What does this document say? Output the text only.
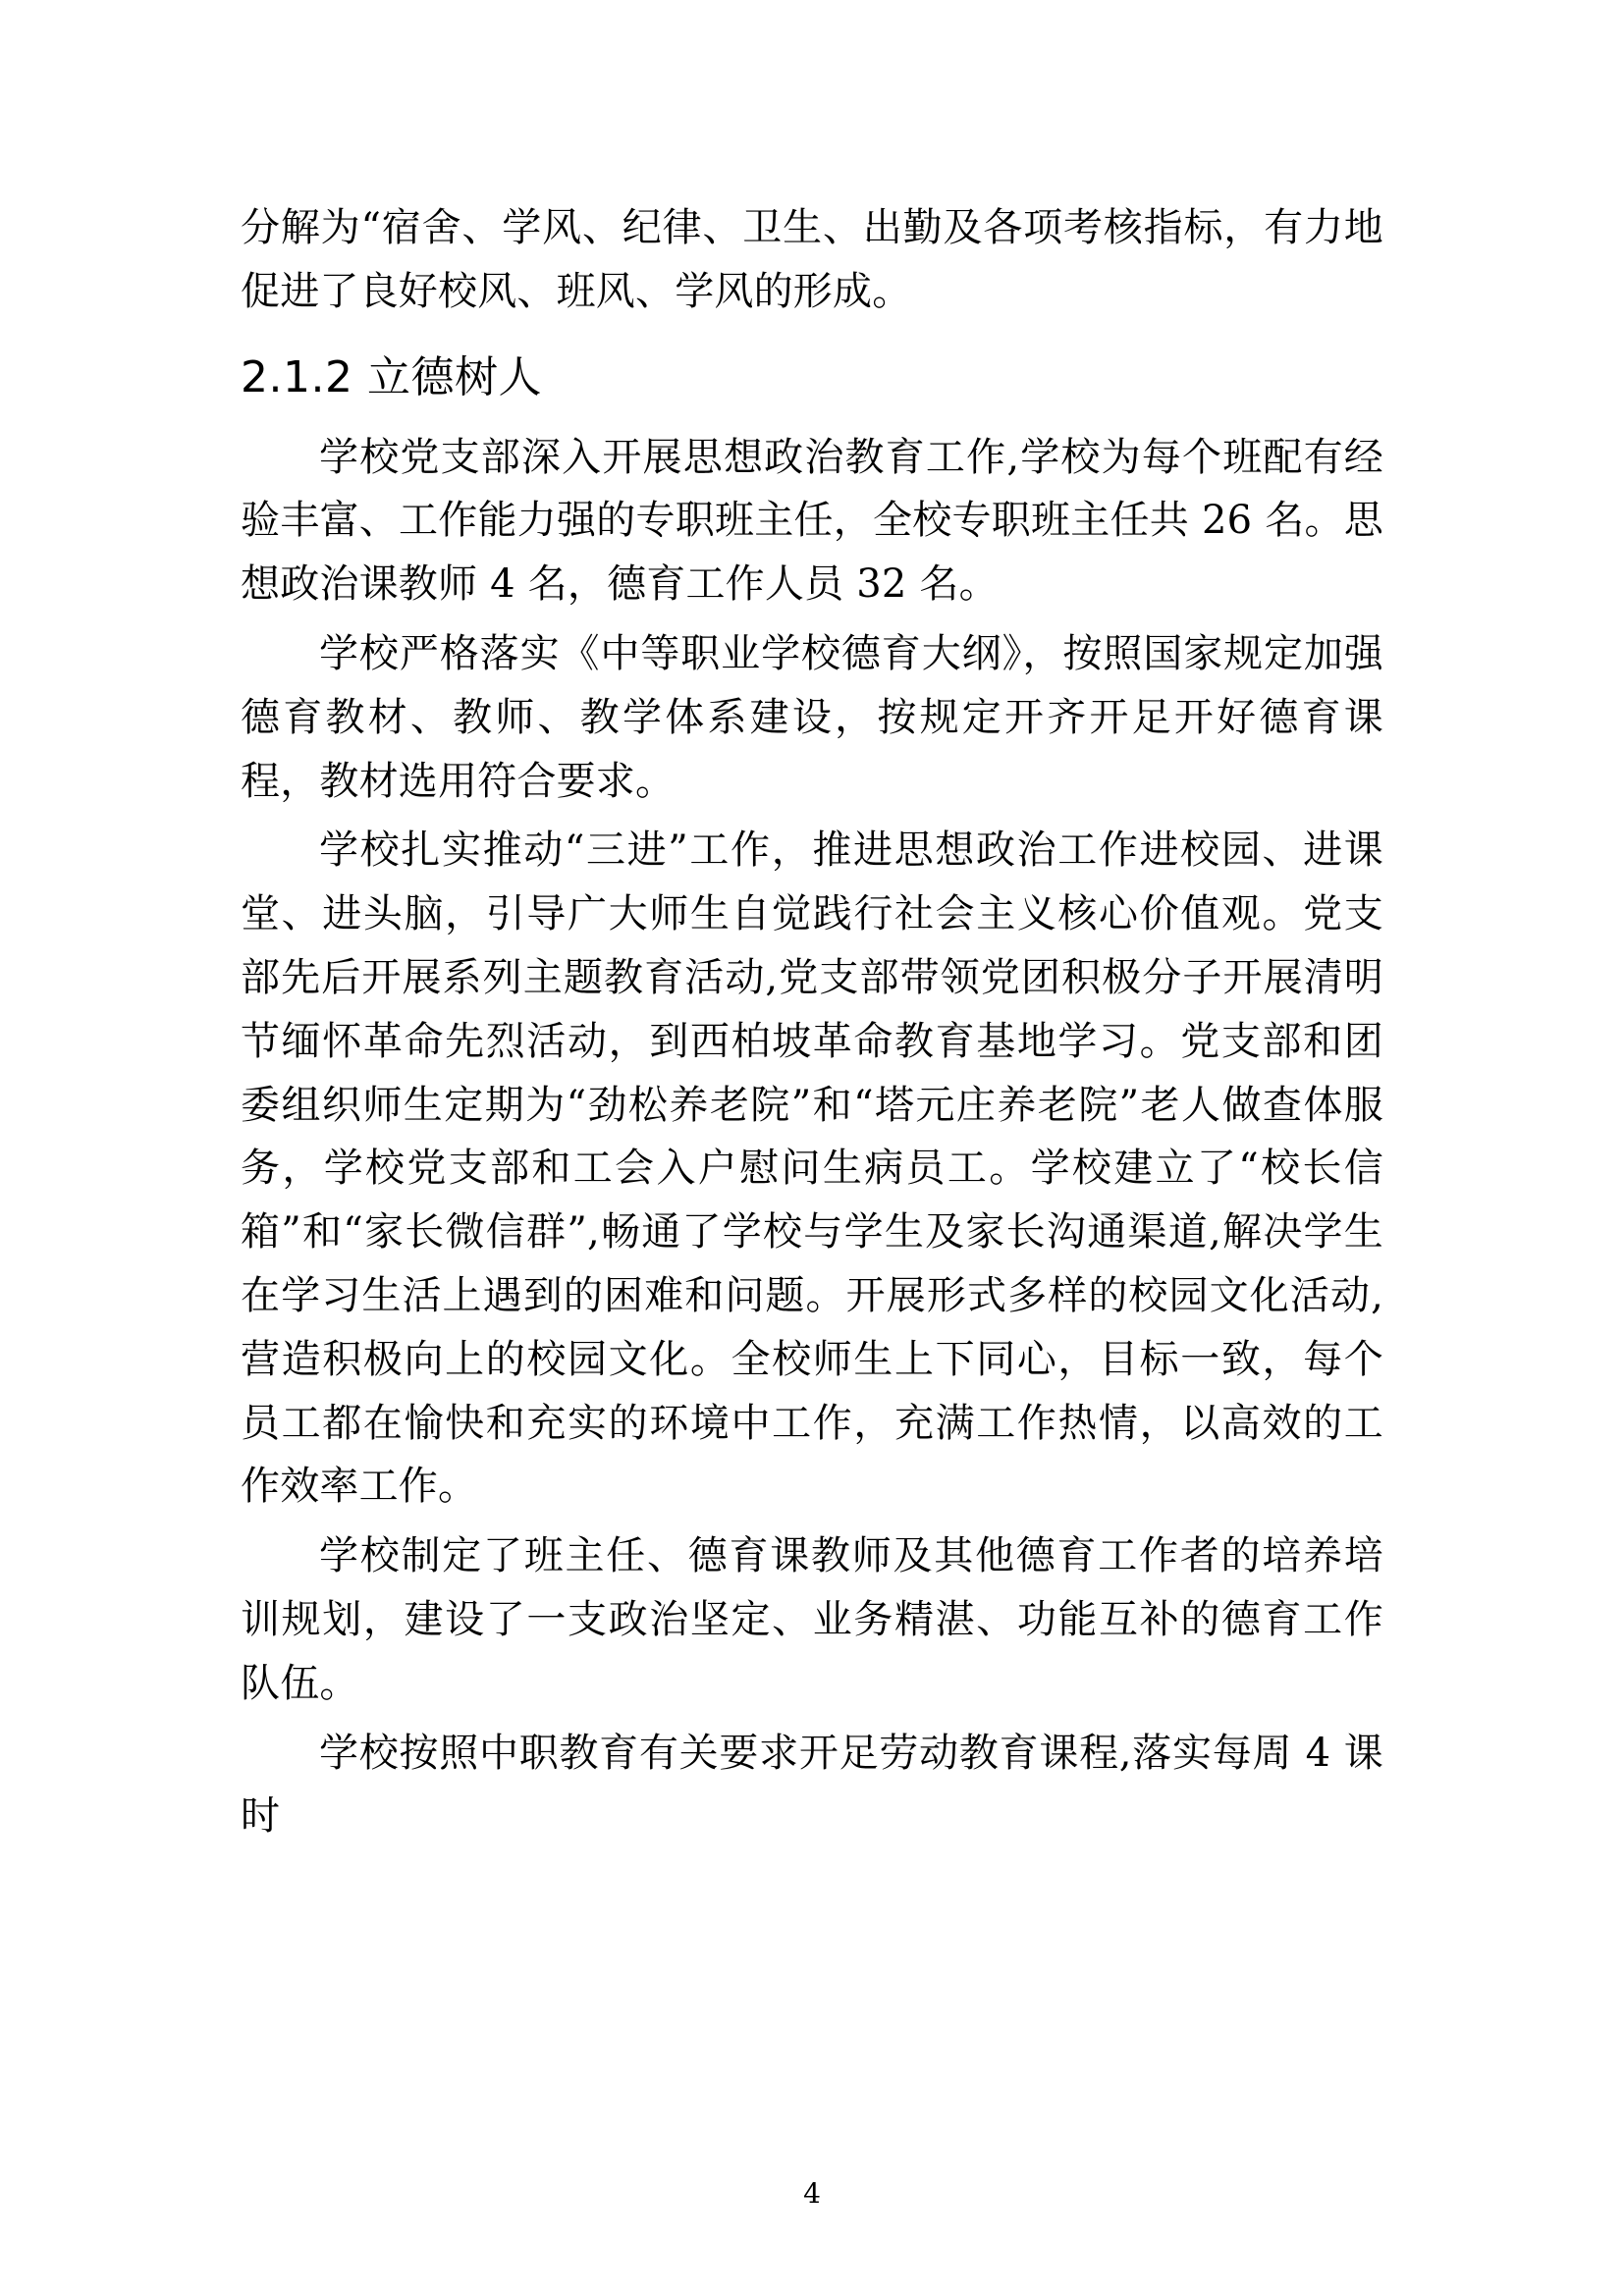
分解为“宿舍、学风、纪律、卫生、出勤及各项考核指标，有力地促进了良好校风、班风、学风的形成。

2.1.2 立德树人

学校党支部深入开展思想政治教育工作,学校为每个班配有经验丰富、工作能力强的专职班主任，全校专职班主任共 26 名。思想政治课教师 4 名，德育工作人员 32 名。

学校严格落实《中等职业学校德育大纲》，按照国家规定加强德育教材、教师、教学体系建设，按规定开齐开足开好德育课程，教材选用符合要求。

学校扎实推动“三进”工作，推进思想政治工作进校园、进课堂、进头脑，引导广大师生自觉践行社会主义核心价值观。党支部先后开展系列主题教育活动,党支部带领党团积极分子开展清明节缅怀革命先烈活动，到西柏坡革命教育基地学习。党支部和团委组织师生定期为“劲松养老院”和“塔元庄养老院”老人做查体服务，学校党支部和工会入户慰问生病员工。学校建立了“校长信箱”和“家长微信群”,畅通了学校与学生及家长沟通渠道,解决学生在学习生活上遇到的困难和问题。开展形式多样的校园文化活动,营造积极向上的校园文化。全校师生上下同心，目标一致，每个员工都在愉快和充实的环境中工作，充满工作热情，以高效的工作效率工作。

学校制定了班主任、德育课教师及其他德育工作者的培养培训规划，建设了一支政治坚定、业务精湛、功能互补的德育工作队伍。

学校按照中职教育有关要求开足劳动教育课程,落实每周 4 课时

4
